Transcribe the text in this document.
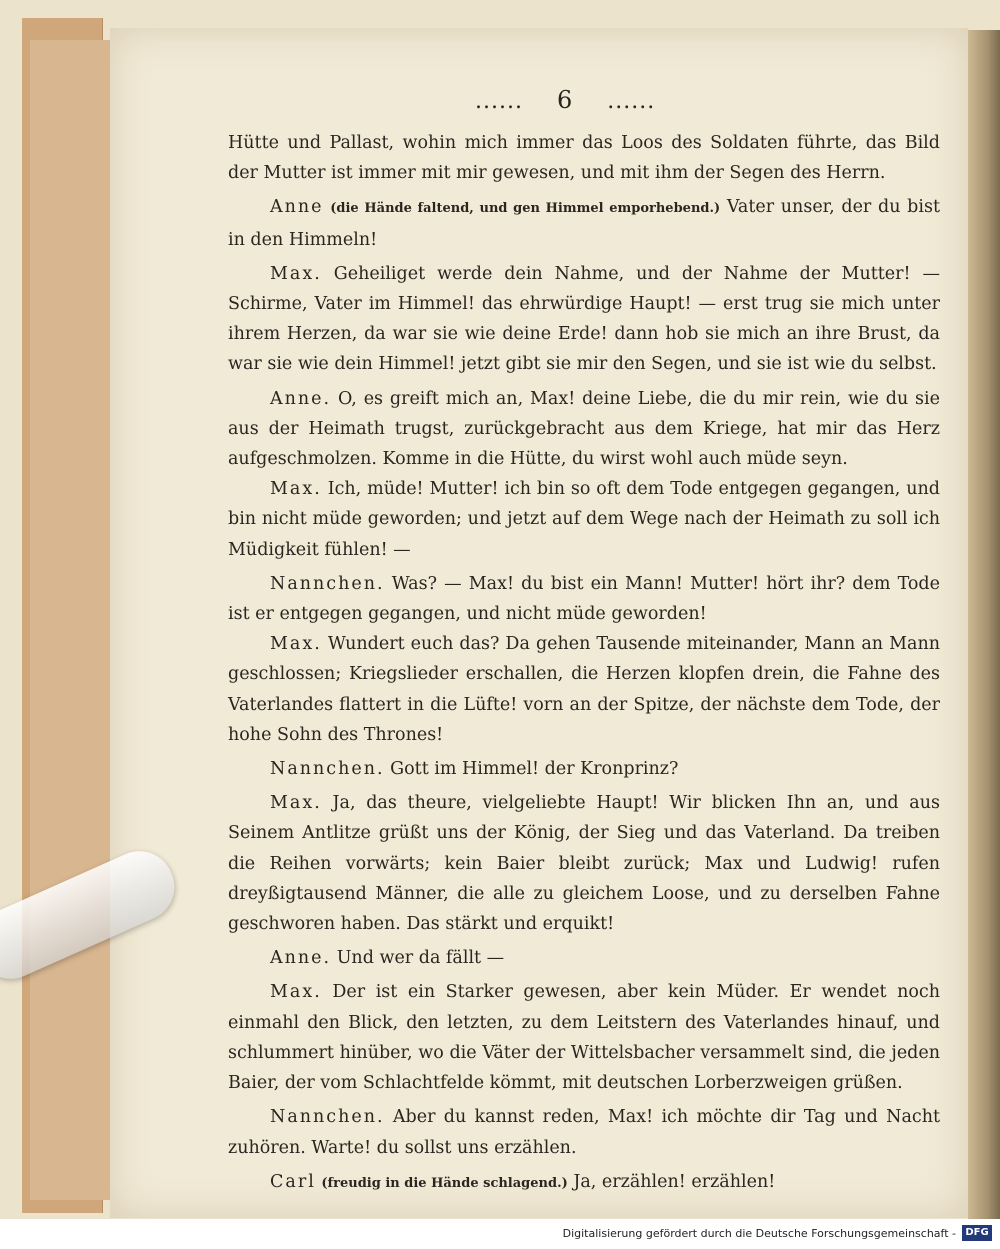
...... 6 ......

Hütte und Pallast, wohin mich immer das Loos des Soldaten führte, das Bild der Mutter ist immer mit mir gewesen, und mit ihm der Segen des Herrn.

Anne (die Hände faltend, und gen Himmel emporhebend.) Vater unser, der du bist in den Himmeln!

Max. Geheiliget werde dein Nahme, und der Nahme der Mutter! — Schirme, Vater im Himmel! das ehrwürdige Haupt! — erst trug sie mich unter ihrem Herzen, da war sie wie deine Erde! dann hob sie mich an ihre Brust, da war sie wie dein Himmel! jetzt gibt sie mir den Segen, und sie ist wie du selbst.

Anne. O, es greift mich an, Max! deine Liebe, die du mir rein, wie du sie aus der Heimath trugst, zurückgebracht aus dem Kriege, hat mir das Herz aufgeschmolzen. Komme in die Hütte, du wirst wohl auch müde seyn.

Max. Ich, müde! Mutter! ich bin so oft dem Tode entgegen gegangen, und bin nicht müde geworden; und jetzt auf dem Wege nach der Heimath zu soll ich Müdigkeit fühlen! —

Nannchen. Was? — Max! du bist ein Mann! Mutter! hört ihr? dem Tode ist er entgegen gegangen, und nicht müde geworden!

Max. Wundert euch das? Da gehen Tausende miteinander, Mann an Mann geschlossen; Kriegslieder erschallen, die Herzen klopfen drein, die Fahne des Vaterlandes flattert in die Lüfte! vorn an der Spitze, der nächste dem Tode, der hohe Sohn des Thrones!

Nannchen. Gott im Himmel! der Kronprinz?

Max. Ja, das theure, vielgeliebte Haupt! Wir blicken Ihn an, und aus Seinem Antlitze grüßt uns der König, der Sieg und das Vaterland. Da treiben die Reihen vorwärts; kein Baier bleibt zurück; Max und Ludwig! rufen dreyßigtausend Männer, die alle zu gleichem Loose, und zu derselben Fahne geschworen haben. Das stärkt und erquikt!

Anne. Und wer da fällt —

Max. Der ist ein Starker gewesen, aber kein Müder. Er wendet noch einmahl den Blick, den letzten, zu dem Leitstern des Vaterlandes hinauf, und schlummert hinüber, wo die Väter der Wittelsbacher versammelt sind, die jeden Baier, der vom Schlachtfelde kömmt, mit deutschen Lorberzweigen grüßen.

Nannchen. Aber du kannst reden, Max! ich möchte dir Tag und Nacht zuhören. Warte! du sollst uns erzählen.

Carl (freudig in die Hände schlagend.) Ja, erzählen! erzählen!

Digitalisierung gefördert durch die Deutsche Forschungsgemeinschaft - DFG
